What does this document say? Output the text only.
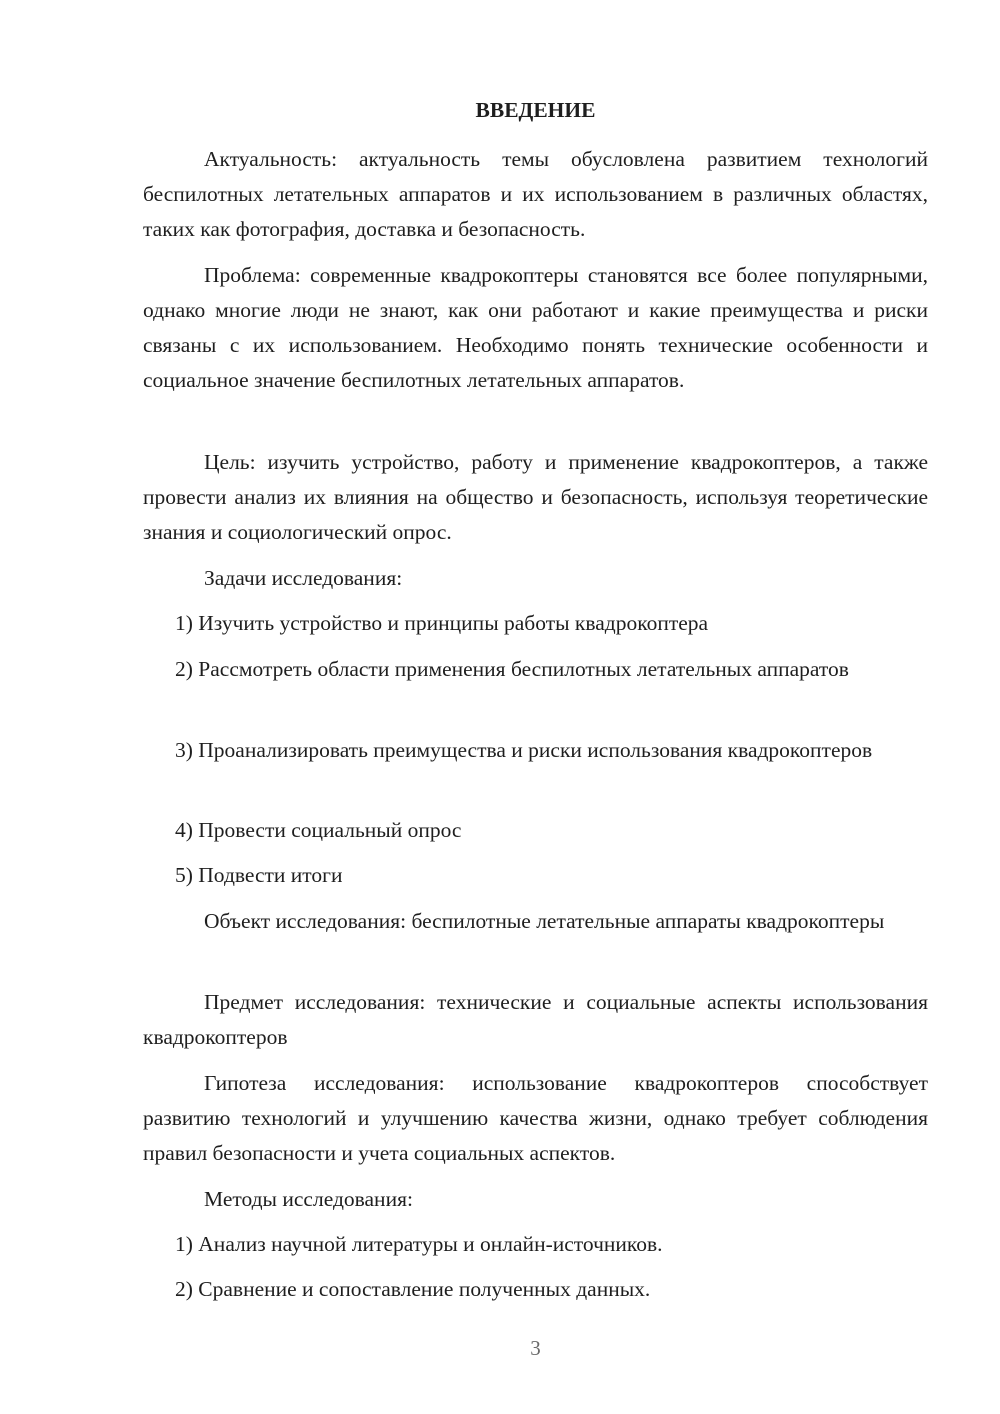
ВВЕДЕНИЕ

Актуальность: актуальность темы обусловлена развитием технологий беспилотных летательных аппаратов и их использованием в различных областях, таких как фотография, доставка и безопасность.

Проблема: современные квадрокоптеры становятся все более популярными, однако многие люди не знают, как они работают и какие преимущества и риски связаны с их использованием. Необходимо понять технические особенности и социальное значение беспилотных летательных аппаратов.

Цель: изучить устройство, работу и применение квадрокоптеров, а также провести анализ их влияния на общество и безопасность, используя теоретические знания и социологический опрос.

Задачи исследования:

1) Изучить устройство и принципы работы квадрокоптера

2) Рассмотреть области применения беспилотных летательных аппаратов

3) Проанализировать преимущества и риски использования квадрокоптеров

4) Провести социальный опрос

5) Подвести итоги

Объект исследования: беспилотные летательные аппараты квадрокоптеры

Предмет исследования: технические и социальные аспекты использования квадрокоптеров

Гипотеза исследования: использование квадрокоптеров способствует развитию технологий и улучшению качества жизни, однако требует соблюдения правил безопасности и учета социальных аспектов.

Методы исследования:

1) Анализ научной литературы и онлайн-источников.

2) Сравнение и сопоставление полученных данных.

3
